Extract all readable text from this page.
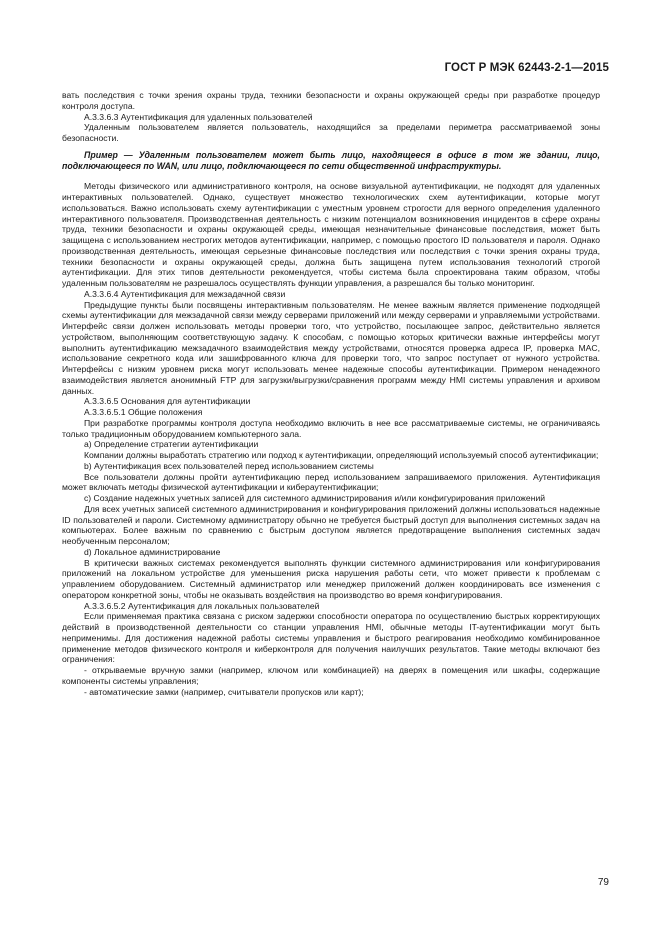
ГОСТ Р МЭК 62443-2-1—2015

вать последствия с точки зрения охраны труда, техники безопасности и охраны окружающей среды при разработке процедур контроля доступа.

А.3.3.6.3 Аутентификация для удаленных пользователей

Удаленным пользователем является пользователь, находящийся за пределами периметра рассматриваемой зоны безопасности.

Пример — Удаленным пользователем может быть лицо, находящееся в офисе в том же здании, лицо, подключающееся по WAN, или лицо, подключающееся по сети общественной инфраструктуры.

Методы физического или административного контроля, на основе визуальной аутентификации, не подходят для удаленных интерактивных пользователей. Однако, существует множество технологических схем аутентификации, которые могут использоваться. Важно использовать схему аутентификации с уместным уровнем строгости для верного определения удаленного интерактивного пользователя. Производственная деятельность с низким потенциалом возникновения инцидентов в сфере охраны труда, техники безопасности и охраны окружающей среды, имеющая незначительные финансовые последствия, может быть защищена с использованием нестрогих методов аутентификации, например, с помощью простого ID пользователя и пароля. Однако производственная деятельность, имеющая серьезные финансовые последствия или последствия с точки зрения охраны труда, техники безопасности и охраны окружающей среды, должна быть защищена путем использования технологий строгой аутентификации. Для этих типов деятельности рекомендуется, чтобы система была спроектирована таким образом, чтобы удаленным пользователям не разрешалось осуществлять функции управления, а разрешался бы только мониторинг.

А.3.3.6.4 Аутентификация для межзадачной связи

Предыдущие пункты были посвящены интерактивным пользователям. Не менее важным является применение подходящей схемы аутентификации для межзадачной связи между серверами приложений или между серверами и управляемыми устройствами. Интерфейс связи должен использовать методы проверки того, что устройство, посылающее запрос, действительно является устройством, выполняющим соответствующую задачу. К способам, с помощью которых критически важные интерфейсы могут выполнить аутентификацию межзадачного взаимодействия между устройствами, относятся проверка адреса IP, проверка MAC, использование секретного кода или зашифрованного ключа для проверки того, что запрос поступает от нужного устройства. Интерфейсы с низким уровнем риска могут использовать менее надежные способы аутентификации. Примером ненадежного взаимодействия является анонимный FTP для загрузки/выгрузки/сравнения программ между HMI системы управления и архивом данных.

А.3.3.6.5 Основания для аутентификации

А.3.3.6.5.1 Общие положения

При разработке программы контроля доступа необходимо включить в нее все рассматриваемые системы, не ограничиваясь только традиционным оборудованием компьютерного зала.

а) Определение стратегии аутентификации

Компании должны выработать стратегию или подход к аутентификации, определяющий используемый способ аутентификации;

b) Аутентификация всех пользователей перед использованием системы

Все пользователи должны пройти аутентификацию перед использованием запрашиваемого приложения. Аутентификация может включать методы физической аутентификации и кибераутентификации;

с) Создание надежных учетных записей для системного администрирования и/или конфигурирования приложений

Для всех учетных записей системного администрирования и конфигурирования приложений должны использоваться надежные ID пользователей и пароли. Системному администратору обычно не требуется быстрый доступ для выполнения системных задач на компьютерах. Более важным по сравнению с быстрым доступом является предотвращение выполнения системных задач необученным персоналом;

d) Локальное администрирование

В критически важных системах рекомендуется выполнять функции системного администрирования или конфигурирования приложений на локальном устройстве для уменьшения риска нарушения работы сети, что может привести к проблемам с управлением оборудованием. Системный администратор или менеджер приложений должен координировать все изменения с оператором конкретной зоны, чтобы не оказывать воздействия на производство во время конфигурирования.

А.3.3.6.5.2 Аутентификация для локальных пользователей

Если применяемая практика связана с риском задержки способности оператора по осуществлению быстрых корректирующих действий в производственной деятельности со станции управления HMI, обычные методы IT-аутентификации могут быть неприменимы. Для достижения надежной работы системы управления и быстрого реагирования необходимо комбинированное применение методов физического контроля и киберконтроля для получения наилучших результатов. Такие методы включают без ограничения:

- открываемые вручную замки (например, ключом или комбинацией) на дверях в помещения или шкафы, содержащие компоненты системы управления;

- автоматические замки (например, считыватели пропусков или карт);

79
